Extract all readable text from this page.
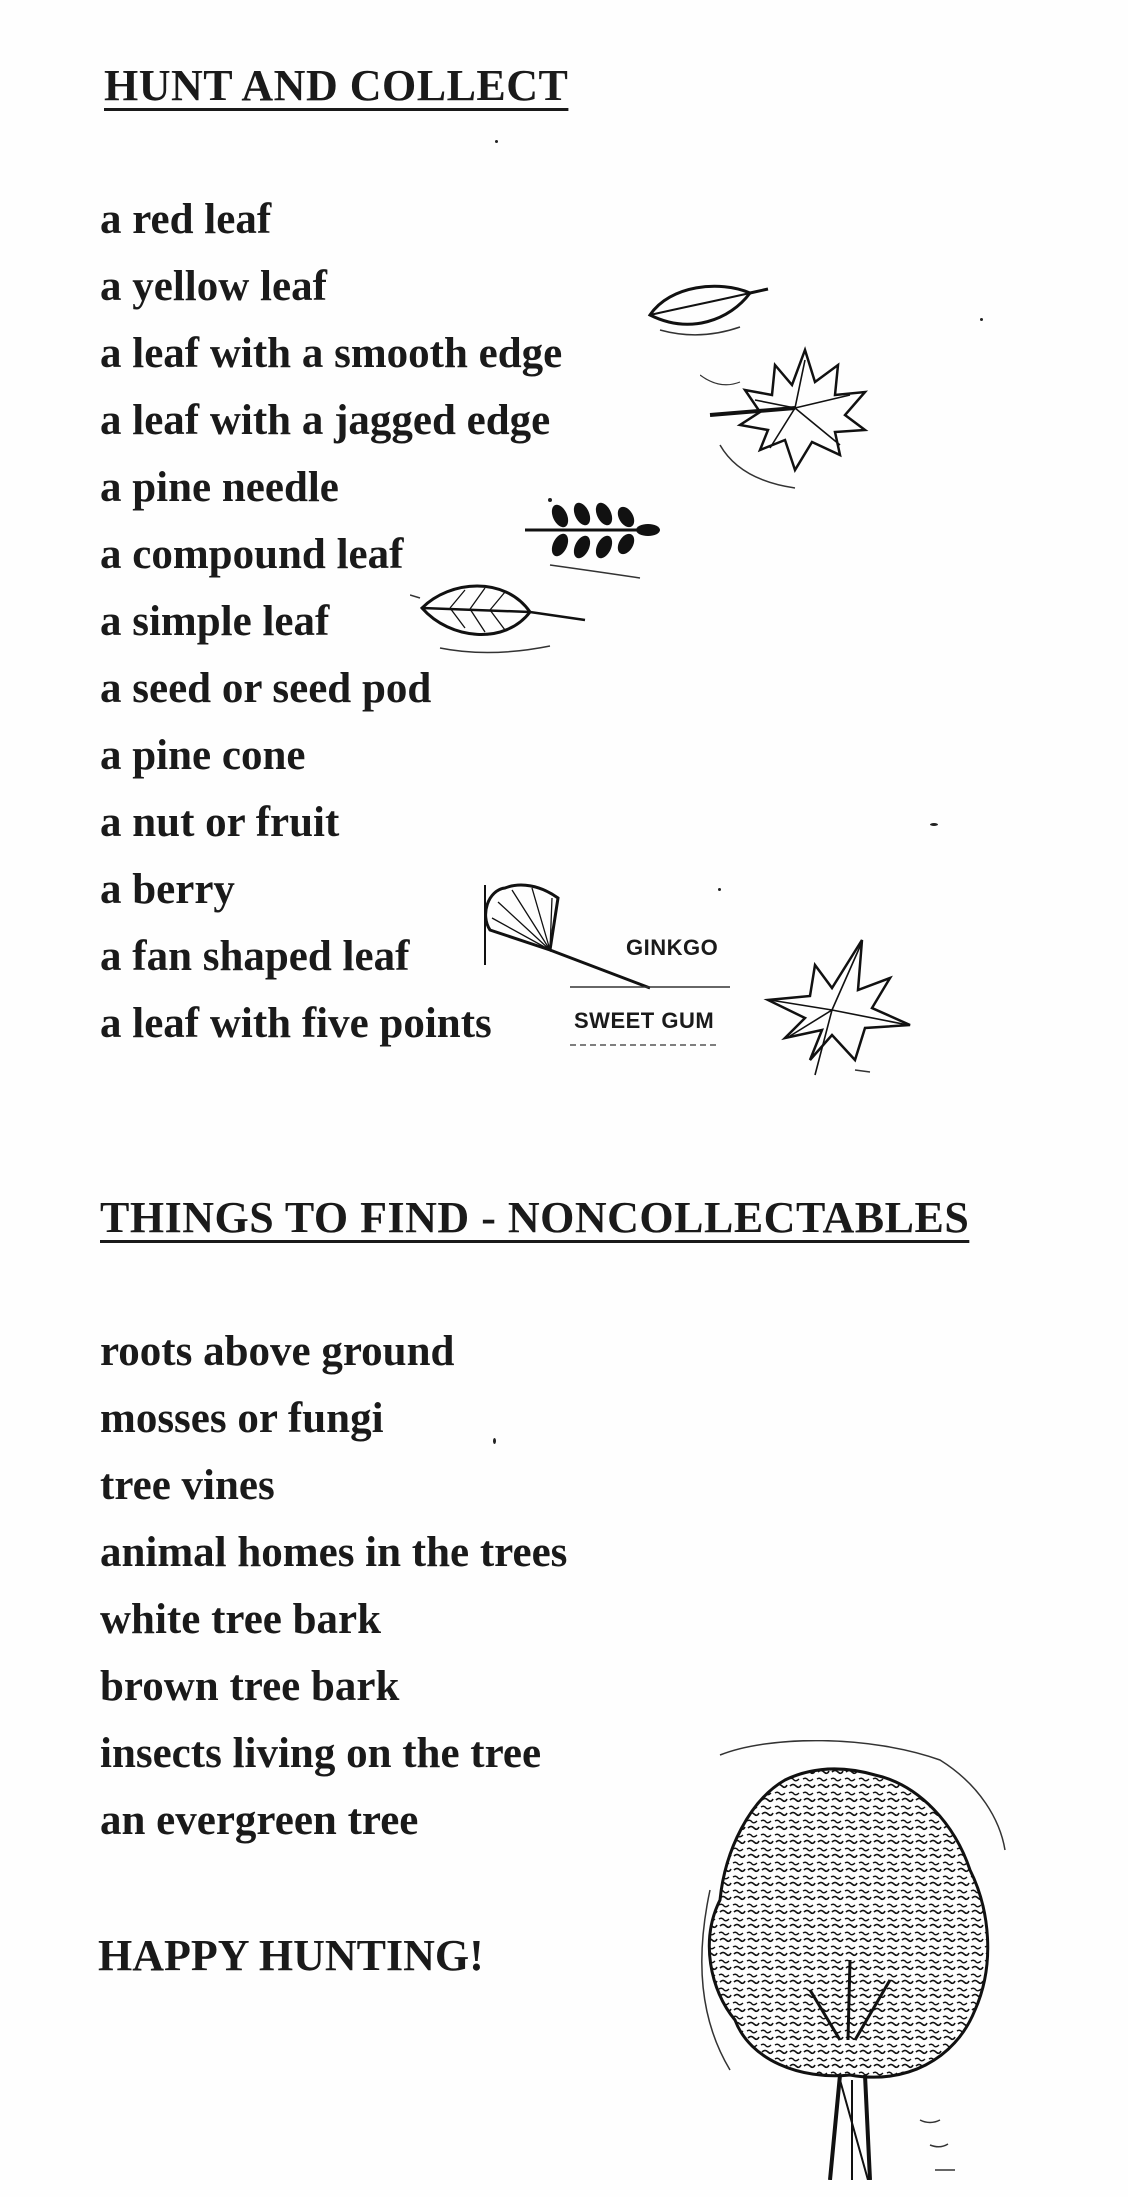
HUNT AND COLLECT
a red leaf
a yellow leaf
a leaf with a smooth edge
a leaf with a jagged edge
a pine needle
a compound leaf
a simple leaf
a seed or seed pod
a pine cone
a nut or fruit
a berry
a fan shaped leaf
a leaf with five points
GINKGO
SWEET GUM
THINGS TO FIND - NONCOLLECTABLES
roots above ground
mosses or fungi
tree vines
animal homes in the trees
white tree bark
brown tree bark
insects living on the tree
an evergreen tree
HAPPY HUNTING!
